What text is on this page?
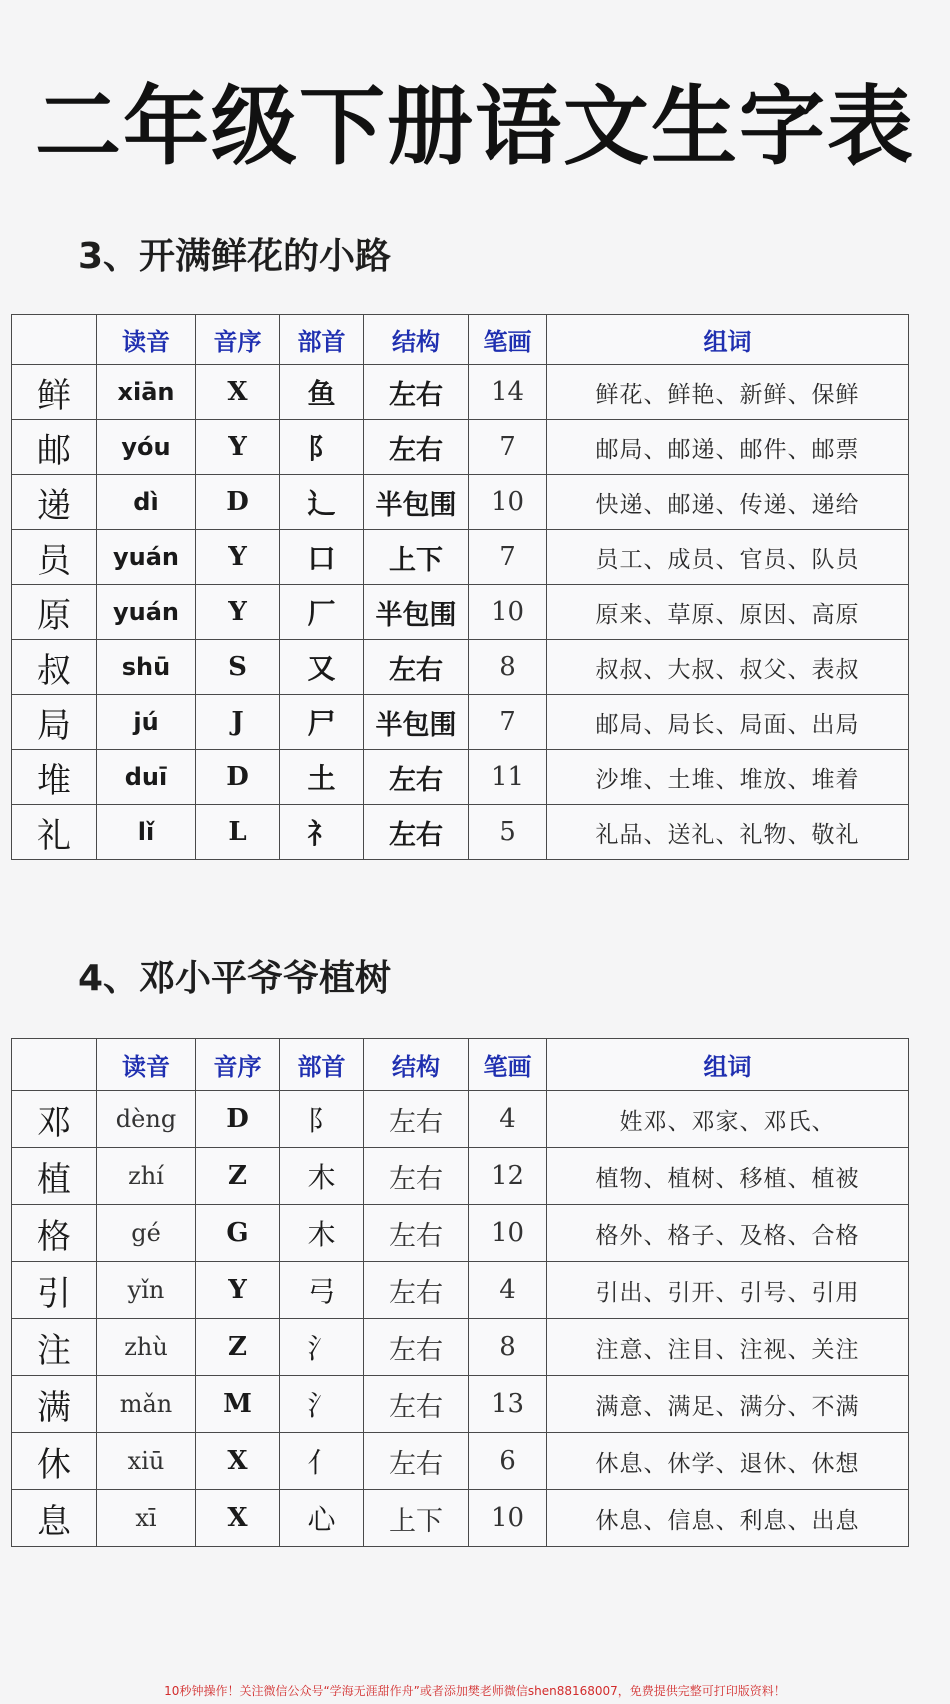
二年级下册语文生字表
3、开满鲜花的小路
	读音	音序	部首	结构	笔画	组词
鲜	xiān	X	鱼	左右	14	鲜花、鲜艳、新鲜、保鲜
邮	yóu	Y	阝	左右	7	邮局、邮递、邮件、邮票
递	dì	D	辶	半包围	10	快递、邮递、传递、递给
员	yuán	Y	口	上下	7	员工、成员、官员、队员
原	yuán	Y	厂	半包围	10	原来、草原、原因、高原
叔	shū	S	又	左右	8	叔叔、大叔、叔父、表叔
局	jú	J	尸	半包围	7	邮局、局长、局面、出局
堆	duī	D	土	左右	11	沙堆、土堆、堆放、堆着
礼	lǐ	L	礻	左右	5	礼品、送礼、礼物、敬礼
4、邓小平爷爷植树
	读音	音序	部首	结构	笔画	组词
邓	dèng	D	阝	左右	4	姓邓、邓家、邓氏、
植	zhí	Z	木	左右	12	植物、植树、移植、植被
格	gé	G	木	左右	10	格外、格子、及格、合格
引	yǐn	Y	弓	左右	4	引出、引开、引号、引用
注	zhù	Z	氵	左右	8	注意、注目、注视、关注
满	mǎn	M	氵	左右	13	满意、满足、满分、不满
休	xiū	X	亻	左右	6	休息、休学、退休、休想
息	xī	X	心	上下	10	休息、信息、利息、出息
10秒钟操作！关注微信公众号“学海无涯甜作舟”或者添加樊老师微信shen88168007，免费提供完整可打印版资料！
